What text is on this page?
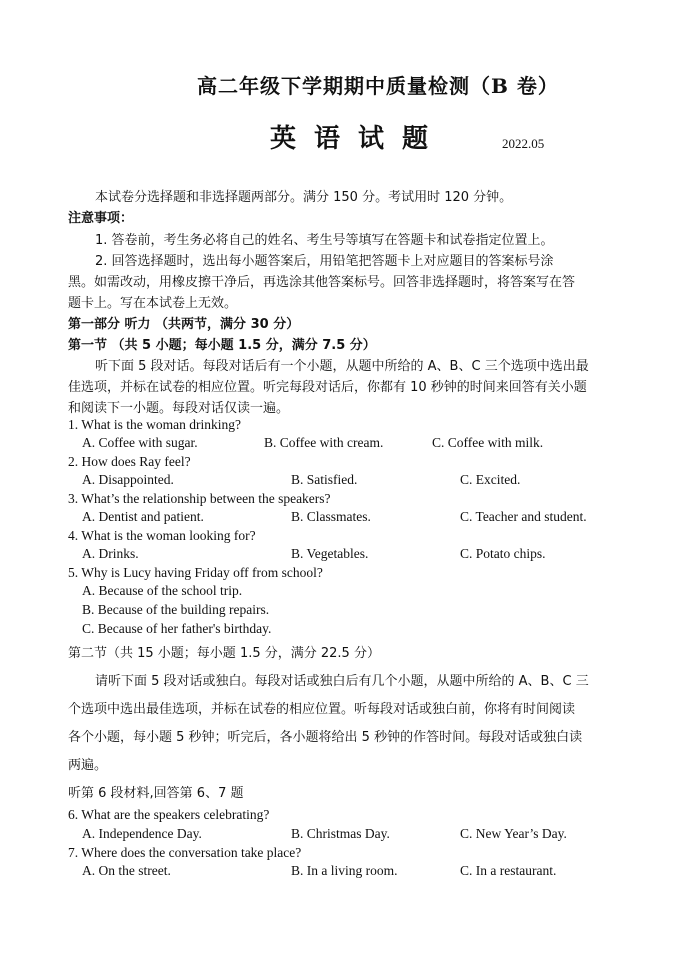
高二年级下学期期中质量检测（B 卷）
英语试题	2022.05
本试卷分选择题和非选择题两部分。满分 150 分。考试用时 120 分钟。
注意事项：
1. 答卷前，考生务必将自己的姓名、考生号等填写在答题卡和试卷指定位置上。
2. 回答选择题时，选出每小题答案后，用铅笔把答题卡上对应题目的答案标号涂
黑。如需改动，用橡皮擦干净后，再选涂其他答案标号。回答非选择题时，将答案写在答
题卡上。写在本试卷上无效。
第一部分 听力 （共两节，满分 30 分）
第一节 （共 5 小题；每小题 1.5 分，满分 7.5 分）
听下面 5 段对话。每段对话后有一个小题，从题中所给的 A、B、C 三个选项中选出最
佳选项，并标在试卷的相应位置。听完每段对话后，你都有 10 秒钟的时间来回答有关小题
和阅读下一小题。每段对话仅读一遍。
1. What is the woman drinking?
A. Coffee with sugar.	B. Coffee with cream.	C. Coffee with milk.
2. How does Ray feel?
A. Disappointed.	B. Satisfied.	C. Excited.
3. What’s the relationship between the speakers?
A. Dentist and patient.	B. Classmates.	C. Teacher and student.
4. What is the woman looking for?
A. Drinks.	B. Vegetables.	C. Potato chips.
5. Why is Lucy having Friday off from school?
A. Because of the school trip.
B. Because of the building repairs.
C. Because of her father's birthday.
第二节（共 15 小题；每小题 1.5 分，满分 22.5 分）
请听下面 5 段对话或独白。每段对话或独白后有几个小题，从题中所给的 A、B、C 三
个选项中选出最佳选项，并标在试卷的相应位置。听每段对话或独白前，你将有时间阅读
各个小题，每小题 5 秒钟；听完后，各小题将给出 5 秒钟的作答时间。每段对话或独白读
两遍。
听第 6 段材料,回答第 6、7 题
6. What are the speakers celebrating?
A. Independence Day.	B. Christmas Day.	C. New Year’s Day.
7. Where does the conversation take place?
A. On the street.	B. In a living room.	C. In a restaurant.
